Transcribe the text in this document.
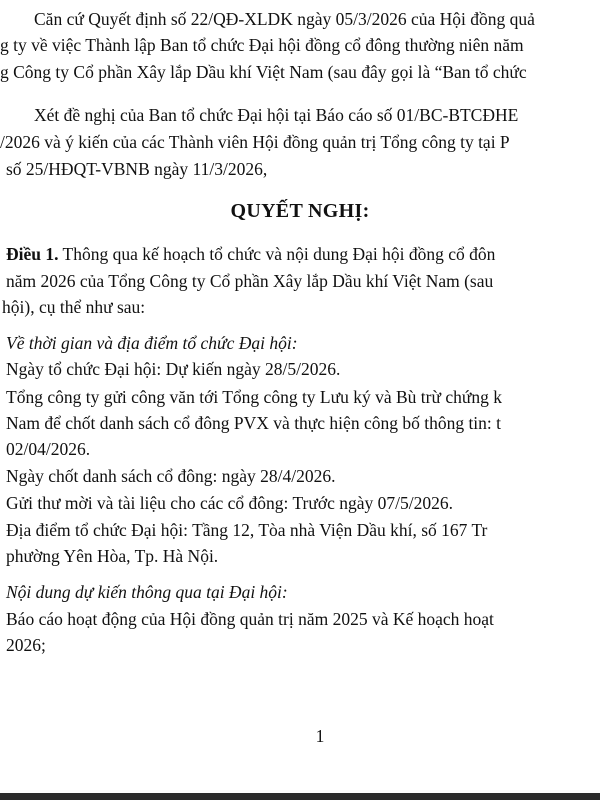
Căn cứ Quyết định số 22/QĐ-XLDK ngày 05/3/2026 của Hội đồng quả
g ty về việc Thành lập Ban tổ chức Đại hội đồng cổ đông thường niên năm
g Công ty Cổ phần Xây lắp Dầu khí Việt Nam (sau đây gọi là “Ban tổ chức
Xét đề nghị của Ban tổ chức Đại hội tại Báo cáo số 01/BC-BTCĐHE
/2026 và ý kiến của các Thành viên Hội đồng quản trị Tổng công ty tại P
số 25/HĐQT-VBNB ngày 11/3/2026,
QUYẾT NGHỊ:
Điều 1. Thông qua kế hoạch tổ chức và nội dung Đại hội đồng cổ đôn
năm 2026 của Tổng Công ty Cổ phần Xây lắp Dầu khí Việt Nam (sau
hội), cụ thể như sau:
Về thời gian và địa điểm tổ chức Đại hội:
Ngày tổ chức Đại hội: Dự kiến ngày 28/5/2026.
Tổng công ty gửi công văn tới Tổng công ty Lưu ký và Bù trừ chứng k
Nam để chốt danh sách cổ đông PVX và thực hiện công bố thông tin: t
02/04/2026.
Ngày chốt danh sách cổ đông: ngày 28/4/2026.
Gửi thư mời và tài liệu cho các cổ đông: Trước ngày 07/5/2026.
Địa điểm tổ chức Đại hội: Tầng 12, Tòa nhà Viện Dầu khí, số 167 Tr
phường Yên Hòa, Tp. Hà Nội.
Nội dung dự kiến thông qua tại Đại hội:
Báo cáo hoạt động của Hội đồng quản trị năm 2025 và Kế hoạch hoạt
2026;
1
